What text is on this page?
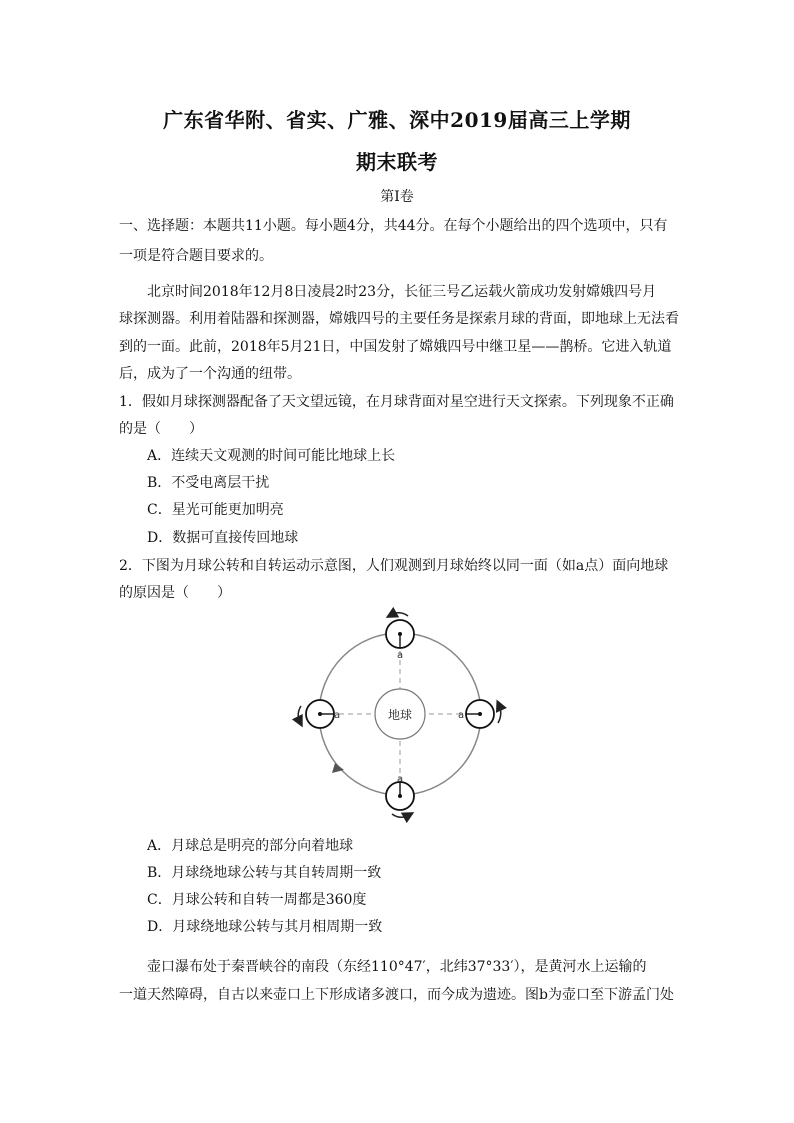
广东省华附、省实、广雅、深中2019届高三上学期
期末联考
第Ⅰ卷
一、选择题：本题共11小题。每小题4分，共44分。在每个小题给出的四个选项中，只有
一项是符合题目要求的。
北京时间2018年12月8日凌晨2时23分，长征三号乙运载火箭成功发射嫦娥四号月
球探测器。利用着陆器和探测器，嫦娥四号的主要任务是探索月球的背面，即地球上无法看
到的一面。此前，2018年5月21日，中国发射了嫦娥四号中继卫星——鹊桥。它进入轨道
后，成为了一个沟通的纽带。
1．假如月球探测器配备了天文望远镜，在月球背面对星空进行天文探索。下列现象不正确
的是（　　）
A．连续天文观测的时间可能比地球上长
B．不受电离层干扰
C．星光可能更加明亮
D．数据可直接传回地球
2．下图为月球公转和自转运动示意图，人们观测到月球始终以同一面（如a点）面向地球
的原因是（　　）
地球
a
a
a	a
A．月球总是明亮的部分向着地球
B．月球绕地球公转与其自转周期一致
C．月球公转和自转一周都是360度
D．月球绕地球公转与其月相周期一致
壶口瀑布处于秦晋峡谷的南段（东经110°47′，北纬37°33′），是黄河水上运输的
一道天然障碍，自古以来壶口上下形成诸多渡口，而今成为遗迹。图b为壶口至下游孟门处
